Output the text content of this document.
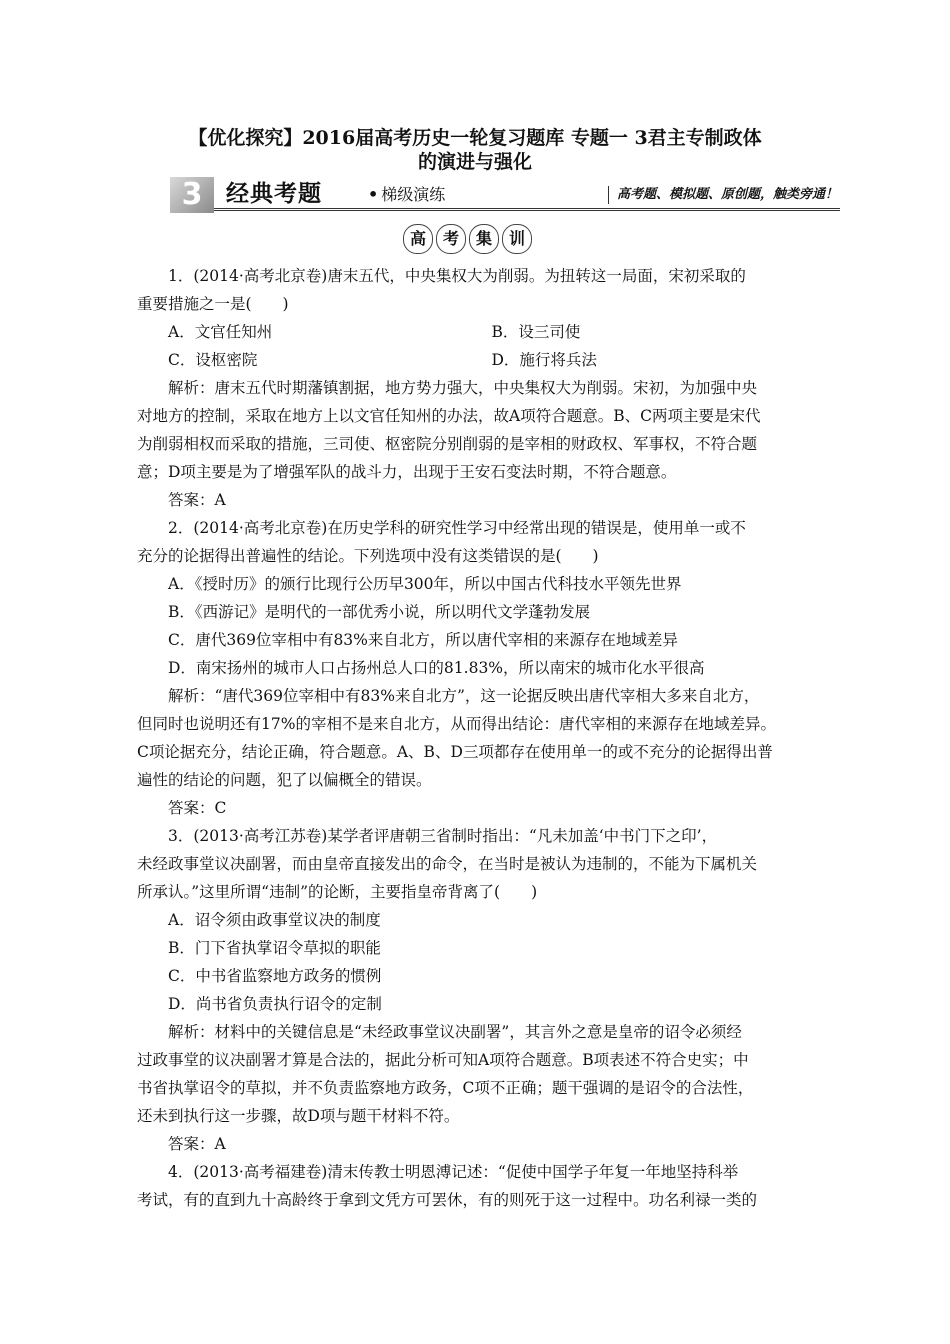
【优化探究】2016届高考历史一轮复习题库 专题一 3君主专制政体
的演进与强化
3	经典考题	• 梯级演练	高考题、模拟题、原创题，触类旁通！
高	考	集	训

1．(2014·高考北京卷)唐末五代，中央集权大为削弱。为扭转这一局面，宋初采取的

重要措施之一是(　　)

A．文官任知州	B．设三司使
C．设枢密院	D．施行将兵法

解析：唐末五代时期藩镇割据，地方势力强大，中央集权大为削弱。宋初，为加强中央

对地方的控制，采取在地方上以文官任知州的办法，故A项符合题意。B、C两项主要是宋代

为削弱相权而采取的措施，三司使、枢密院分别削弱的是宰相的财政权、军事权，不符合题

意；D项主要是为了增强军队的战斗力，出现于王安石变法时期，不符合题意。

答案：A

2．(2014·高考北京卷)在历史学科的研究性学习中经常出现的错误是，使用单一或不

充分的论据得出普遍性的结论。下列选项中没有这类错误的是(　　)

A．《授时历》的颁行比现行公历早300年，所以中国古代科技水平领先世界

B．《西游记》是明代的一部优秀小说，所以明代文学蓬勃发展

C．唐代369位宰相中有83%来自北方，所以唐代宰相的来源存在地域差异

D．南宋扬州的城市人口占扬州总人口的81.83%，所以南宋的城市化水平很高

解析：“唐代369位宰相中有83%来自北方”，这一论据反映出唐代宰相大多来自北方，

但同时也说明还有17%的宰相不是来自北方，从而得出结论：唐代宰相的来源存在地域差异。

C项论据充分，结论正确，符合题意。A、B、D三项都存在使用单一的或不充分的论据得出普

遍性的结论的问题，犯了以偏概全的错误。

答案：C

3．(2013·高考江苏卷)某学者评唐朝三省制时指出：“凡未加盖‘中书门下之印’，

未经政事堂议决副署，而由皇帝直接发出的命令，在当时是被认为违制的，不能为下属机关

所承认。”这里所谓“违制”的论断，主要指皇帝背离了(　　)

A．诏令须由政事堂议决的制度

B．门下省执掌诏令草拟的职能

C．中书省监察地方政务的惯例

D．尚书省负责执行诏令的定制

解析：材料中的关键信息是“未经政事堂议决副署”，其言外之意是皇帝的诏令必须经

过政事堂的议决副署才算是合法的，据此分析可知A项符合题意。B项表述不符合史实；中

书省执掌诏令的草拟，并不负责监察地方政务，C项不正确；题干强调的是诏令的合法性，

还未到执行这一步骤，故D项与题干材料不符。

答案：A

4．(2013·高考福建卷)清末传教士明恩溥记述：“促使中国学子年复一年地坚持科举

考试，有的直到九十高龄终于拿到文凭方可罢休，有的则死于这一过程中。功名利禄一类的
